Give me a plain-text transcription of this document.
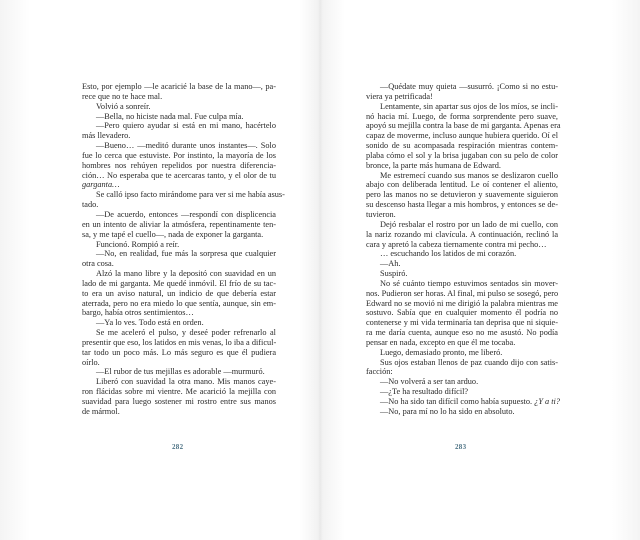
Esto, por ejemplo —le acaricié la base de la mano—, pa-
rece que no te hace mal.
Volvió a sonreír.
—Bella, no hiciste nada mal. Fue culpa mía.
—Pero quiero ayudar si está en mi mano, hacértelo
más llevadero.
—Bueno… —meditó durante unos instantes—. Solo
fue lo cerca que estuviste. Por instinto, la mayoría de los
hombres nos rehúyen repelidos por nuestra diferencia-
ción… No esperaba que te acercaras tanto, y el olor de tu
garganta…
Se calló ipso facto mirándome para ver si me había asus-
tado.
—De acuerdo, entonces —respondí con displicencia
en un intento de aliviar la atmósfera, repentinamente ten-
sa, y me tapé el cuello—, nada de exponer la garganta.
Funcionó. Rompió a reír.
—No, en realidad, fue más la sorpresa que cualquier
otra cosa.
Alzó la mano libre y la depositó con suavidad en un
lado de mi garganta. Me quedé inmóvil. El frío de su tac-
to era un aviso natural, un indicio de que debería estar
aterrada, pero no era miedo lo que sentía, aunque, sin em-
bargo, había otros sentimientos…
—Ya lo ves. Todo está en orden.
Se me aceleró el pulso, y deseé poder refrenarlo al
presentir que eso, los latidos en mis venas, lo iba a dificul-
tar todo un poco más. Lo más seguro es que él pudiera
oírlo.
—El rubor de tus mejillas es adorable —murmuró.
Liberó con suavidad la otra mano. Mis manos caye-
ron flácidas sobre mi vientre. Me acarició la mejilla con
suavidad para luego sostener mi rostro entre sus manos
de mármol.
282
—Quédate muy quieta —susurró. ¡Como si no estu-
viera ya petrificada!
Lentamente, sin apartar sus ojos de los míos, se incli-
nó hacia mí. Luego, de forma sorprendente pero suave,
apoyó su mejilla contra la base de mi garganta. Apenas era
capaz de moverme, incluso aunque hubiera querido. Oí el
sonido de su acompasada respiración mientras contem-
plaba cómo el sol y la brisa jugaban con su pelo de color
bronce, la parte más humana de Edward.
Me estremecí cuando sus manos se deslizaron cuello
abajo con deliberada lentitud. Le oí contener el aliento,
pero las manos no se detuvieron y suavemente siguieron
su descenso hasta llegar a mis hombros, y entonces se de-
tuvieron.
Dejó resbalar el rostro por un lado de mi cuello, con
la nariz rozando mi clavícula. A continuación, reclinó la
cara y apretó la cabeza tiernamente contra mi pecho…
… escuchando los latidos de mi corazón.
—Ah.
Suspiró.
No sé cuánto tiempo estuvimos sentados sin mover-
nos. Pudieron ser horas. Al final, mi pulso se sosegó, pero
Edward no se movió ni me dirigió la palabra mientras me
sostuvo. Sabía que en cualquier momento él podría no
contenerse y mi vida terminaría tan deprisa que ni siquie-
ra me daría cuenta, aunque eso no me asustó. No podía
pensar en nada, excepto en que él me tocaba.
Luego, demasiado pronto, me liberó.
Sus ojos estaban llenos de paz cuando dijo con satis-
facción:
—No volverá a ser tan arduo.
—¿Te ha resultado difícil?
—No ha sido tan difícil como había supuesto. ¿Y a ti?
—No, para mí no lo ha sido en absoluto.
283
